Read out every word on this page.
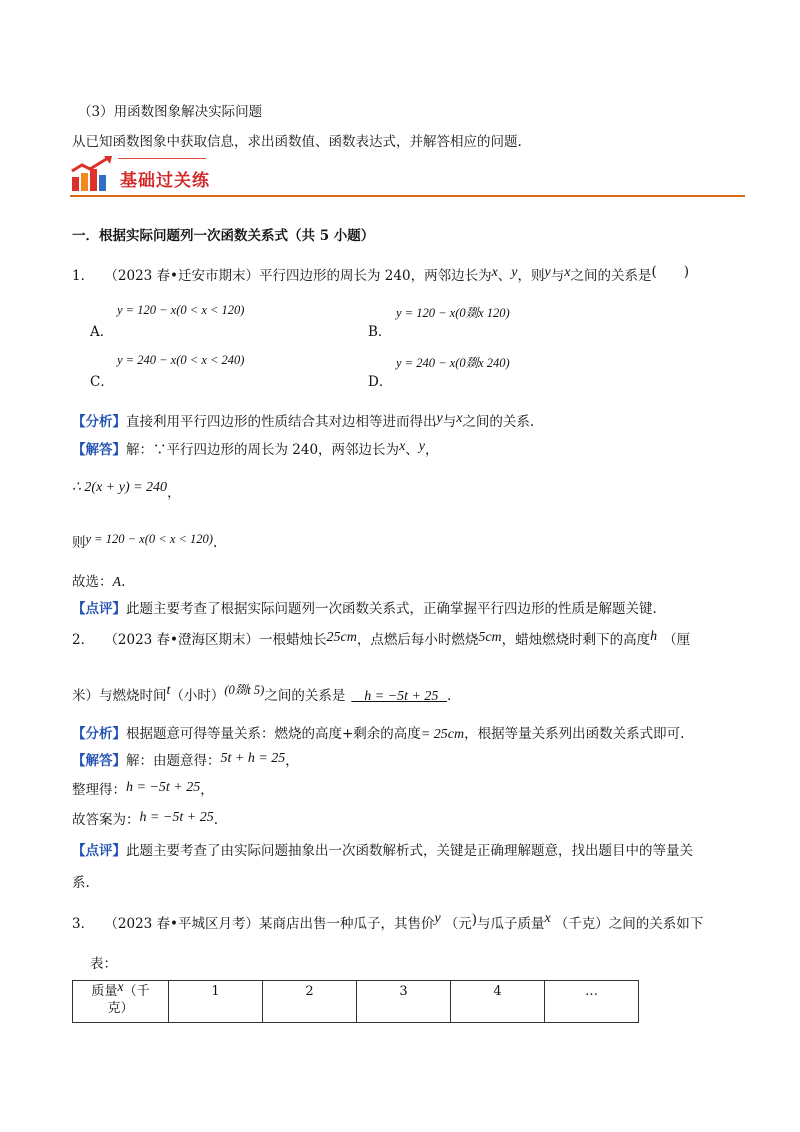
（3）用函数图象解决实际问题
从已知函数图象中获取信息，求出函数值、函数表达式，并解答相应的问题.
基础过关练
一．根据实际问题列一次函数关系式（共 5 小题）
1． （2023 春•迁安市期末）平行四边形的周长为 240，两邻边长为x、y，则y与x之间的关系是(　　)
y = 120 − x(0 < x < 120)
A．
y = 120 − x(0剟x 120)
B．
y = 240 − x(0 < x < 240)
C．
y = 240 − x(0剟x 240)
D．
【分析】直接利用平行四边形的性质结合其对边相等进而得出y与x之间的关系.
【解答】解：∵平行四边形的周长为 240，两邻边长为x、y，
∴ 2(x + y) = 240，
则y = 120 − x(0 < x < 120).
故选：A.
【点评】此题主要考查了根据实际问题列一次函数关系式，正确掌握平行四边形的性质是解题关键.
2． （2023 春•澄海区期末）一根蜡烛长25cm，点燃后每小时燃烧5cm，蜡烛燃烧时剩下的高度h （厘
米）与燃烧时间t（小时）(0剟t 5)之间的关系是 h = −5t + 25 .
【分析】根据题意可得等量关系：燃烧的高度+剩余的高度= 25cm，根据等量关系列出函数关系式即可.
【解答】解：由题意得：5t + h = 25，
整理得：h = −5t + 25，
故答案为：h = −5t + 25.
【点评】此题主要考查了由实际问题抽象出一次函数解析式，关键是正确理解题意，找出题目中的等量关
系.
3． （2023 春•平城区月考）某商店出售一种瓜子，其售价y （元)与瓜子质量x （千克）之间的关系如下
表：
质量x（千
克）	1	2	3	4	…
